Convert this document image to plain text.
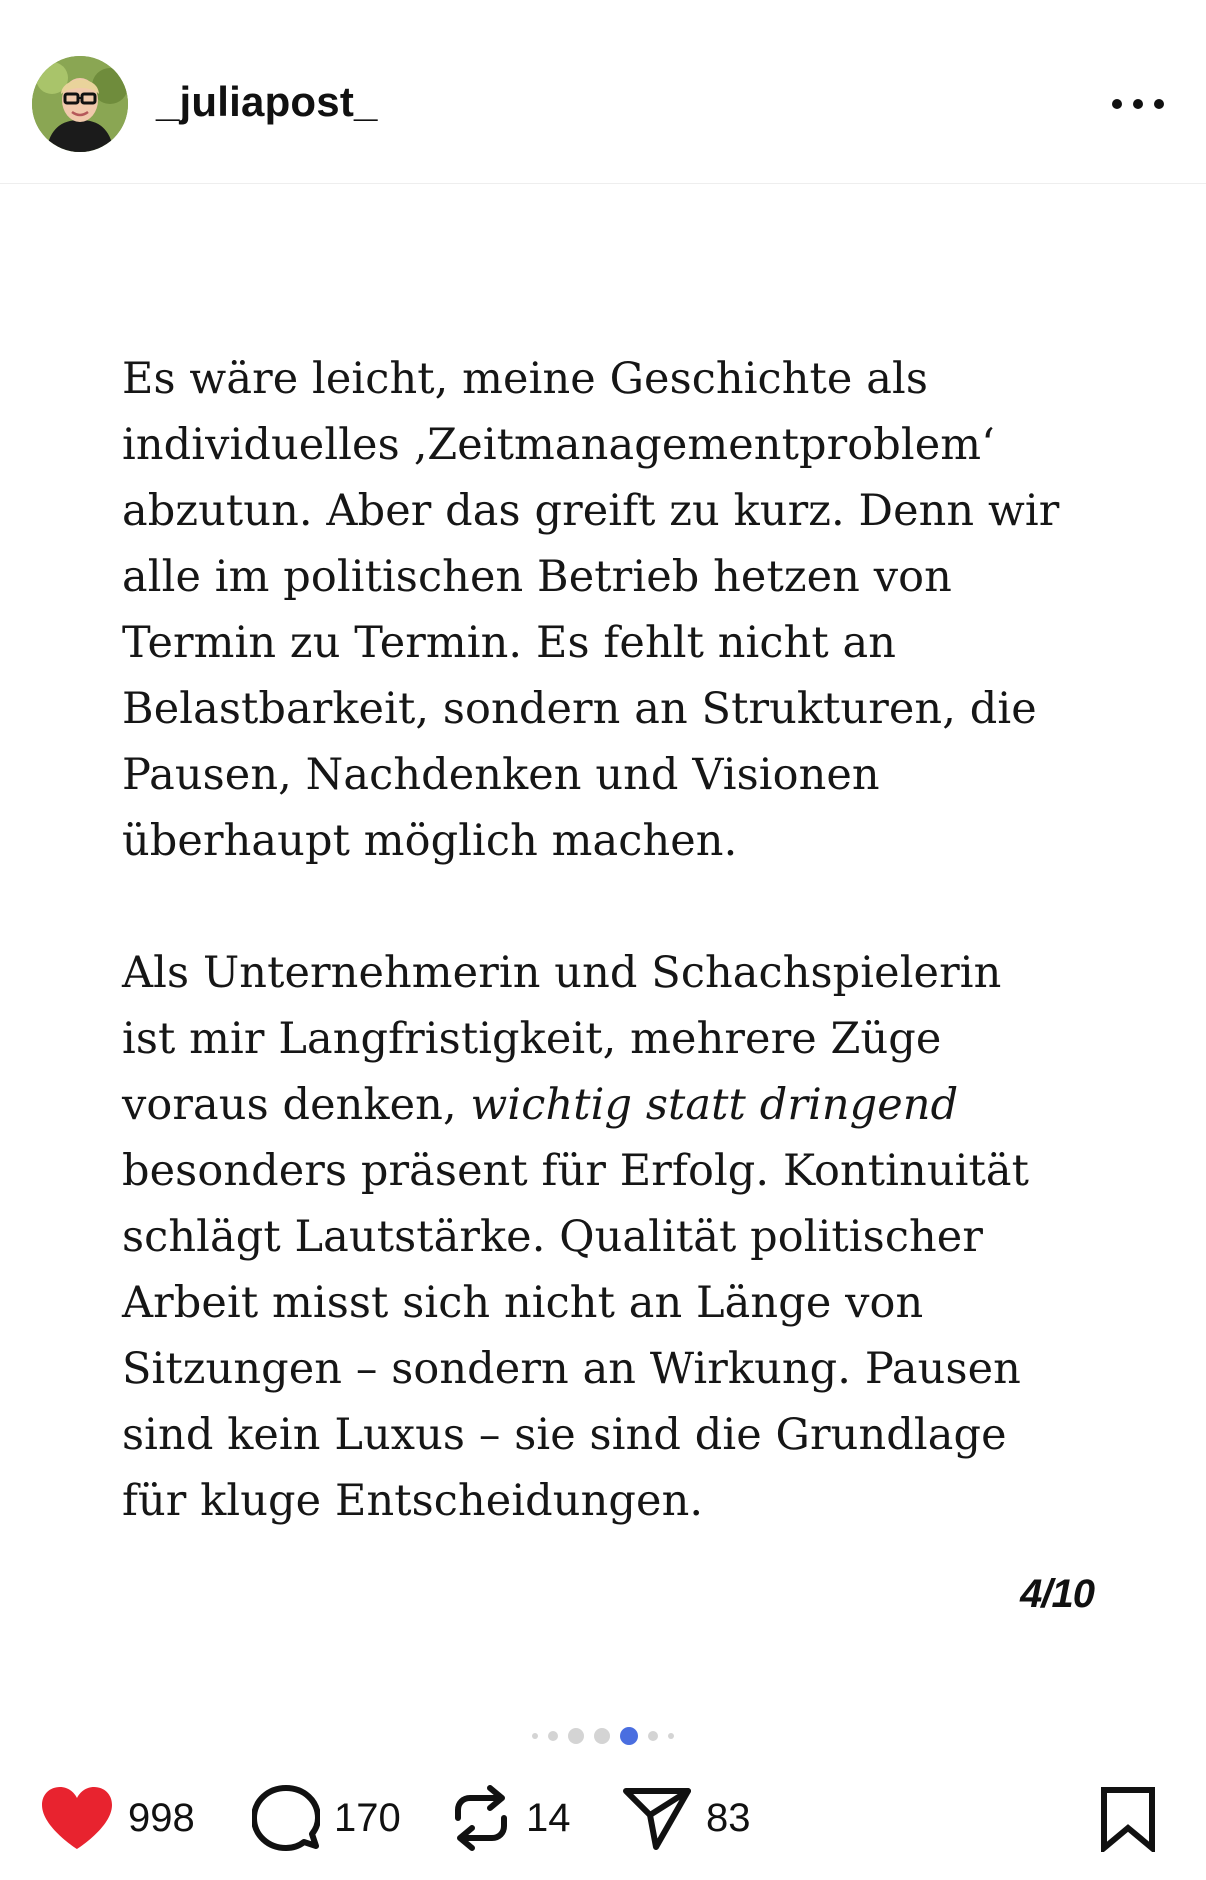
_juliapost_

Es wäre leicht, meine Geschichte als
individuelles ‚Zeitmanagementproblem‘
abzutun. Aber das greift zu kurz. Denn wir
alle im politischen Betrieb hetzen von
Termin zu Termin. Es fehlt nicht an
Belastbarkeit, sondern an Strukturen, die
Pausen, Nachdenken und Visionen
überhaupt möglich machen.

Als Unternehmerin und Schachspielerin
ist mir Langfristigkeit, mehrere Züge
voraus denken, wichtig statt dringend
besonders präsent für Erfolg. Kontinuität
schlägt Lautstärke. Qualität politischer
Arbeit misst sich nicht an Länge von
Sitzungen – sondern an Wirkung. Pausen
sind kein Luxus – sie sind die Grundlage
für kluge Entscheidungen.

4/10
998	170	14	83
